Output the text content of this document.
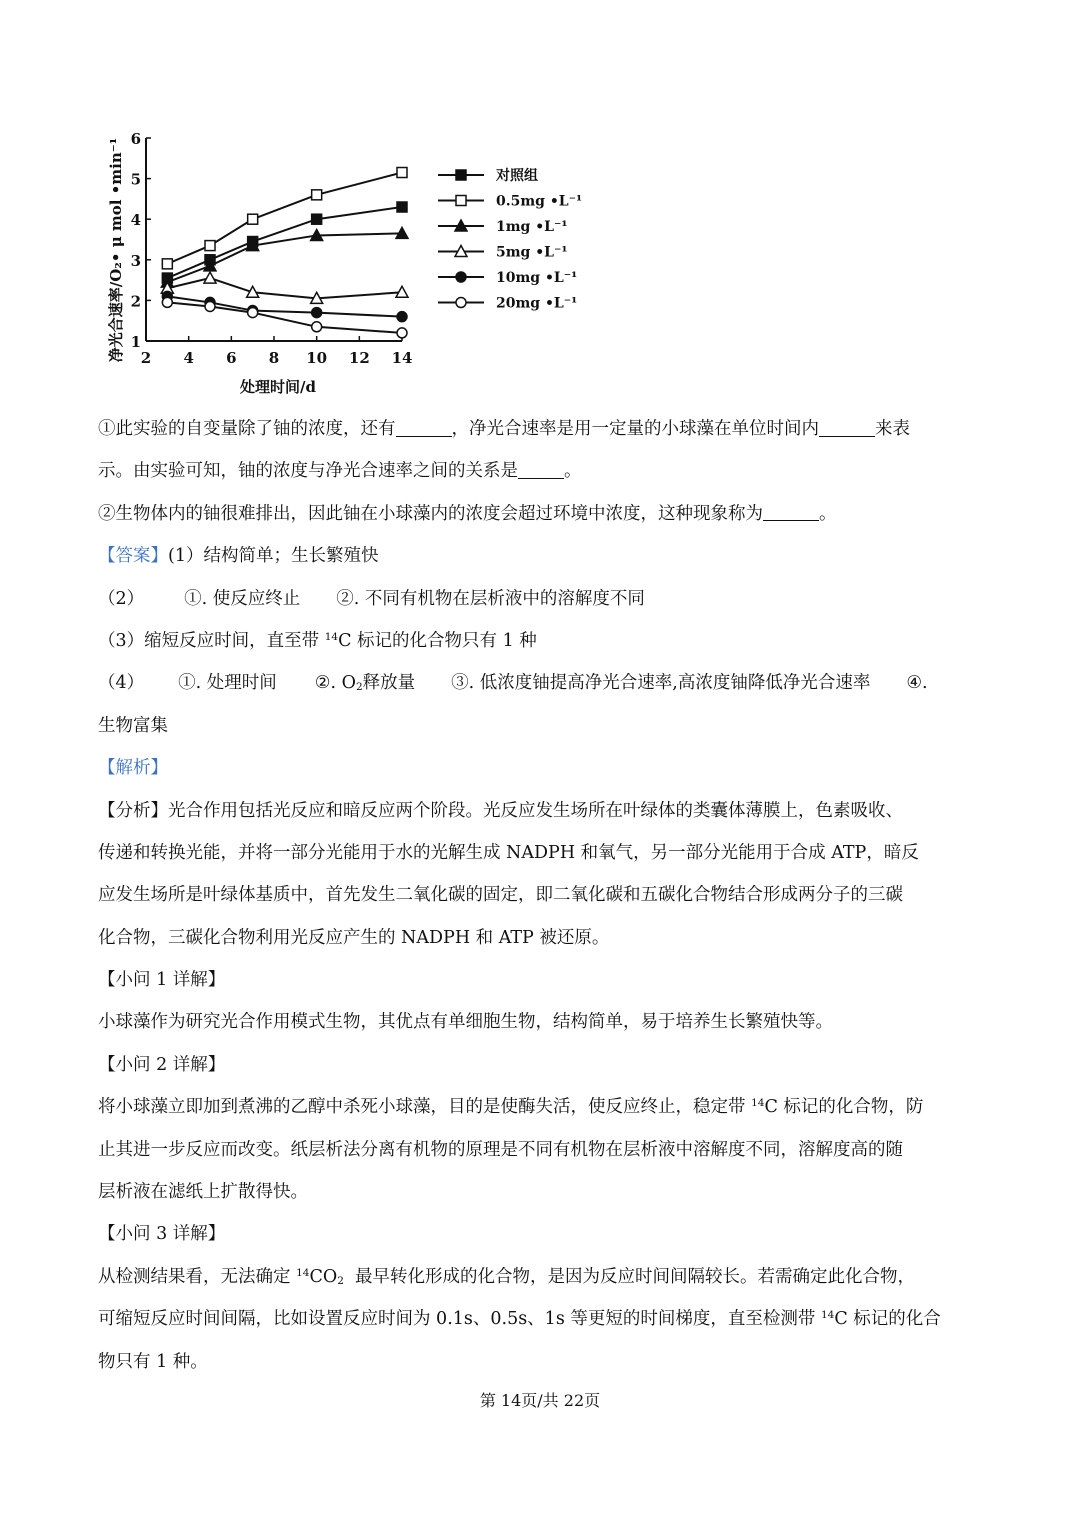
1
2
3
4
5
6
2 4 6 8 10 12 14
对照组
0.5mg •L⁻¹
1mg •L⁻¹
5mg •L⁻¹
10mg •L⁻¹
20mg •L⁻¹
净光合速率/O₂• μ mol •min⁻¹
处理时间/d
①此实验的自变量除了铀的浓度，还有	，净光合速率是用一定量的小球藻在单位时间内	来表
示。由实验可知，铀的浓度与净光合速率之间的关系是	。
②生物体内的铀很难排出，因此铀在小球藻内的浓度会超过环境中浓度，这种现象称为	。
【答案】(1）结构简单；生长繁殖快
（2） ①. 使反应终止 ②. 不同有机物在层析液中的溶解度不同
（3）缩短反应时间，直至带 $^{14}$C 标记的化合物只有 1 种
（4） ①. 处理时间 ②. $O_2$释放量 ③. 低浓度铀提高净光合速率,高浓度铀降低净光合速率 ④.
生物富集
【解析】
【分析】光合作用包括光反应和暗反应两个阶段。光反应发生场所在叶绿体的类囊体薄膜上，色素吸收、
传递和转换光能，并将一部分光能用于水的光解生成 NADPH 和氧气，另一部分光能用于合成 ATP，暗反
应发生场所是叶绿体基质中，首先发生二氧化碳的固定，即二氧化碳和五碳化合物结合形成两分子的三碳
化合物，三碳化合物利用光反应产生的 NADPH 和 ATP 被还原。
【小问 1 详解】
小球藻作为研究光合作用模式生物，其优点有单细胞生物，结构简单，易于培养生长繁殖快等。
【小问 2 详解】
将小球藻立即加到煮沸的乙醇中杀死小球藻，目的是使酶失活，使反应终止，稳定带 $^{14}$C 标记的化合物，防
止其进一步反应而改变。纸层析法分离有机物的原理是不同有机物在层析液中溶解度不同，溶解度高的随
层析液在滤纸上扩散得快。
【小问 3 详解】
从检测结果看，无法确定 $^{14}CO_2$  最早转化形成的化合物，是因为反应时间间隔较长。若需确定此化合物，
可缩短反应时间间隔，比如设置反应时间为 0.1s、0.5s、1s 等更短的时间梯度，直至检测带 $^{14}$C 标记的化合
物只有 1 种。
第 14页/共 22页
